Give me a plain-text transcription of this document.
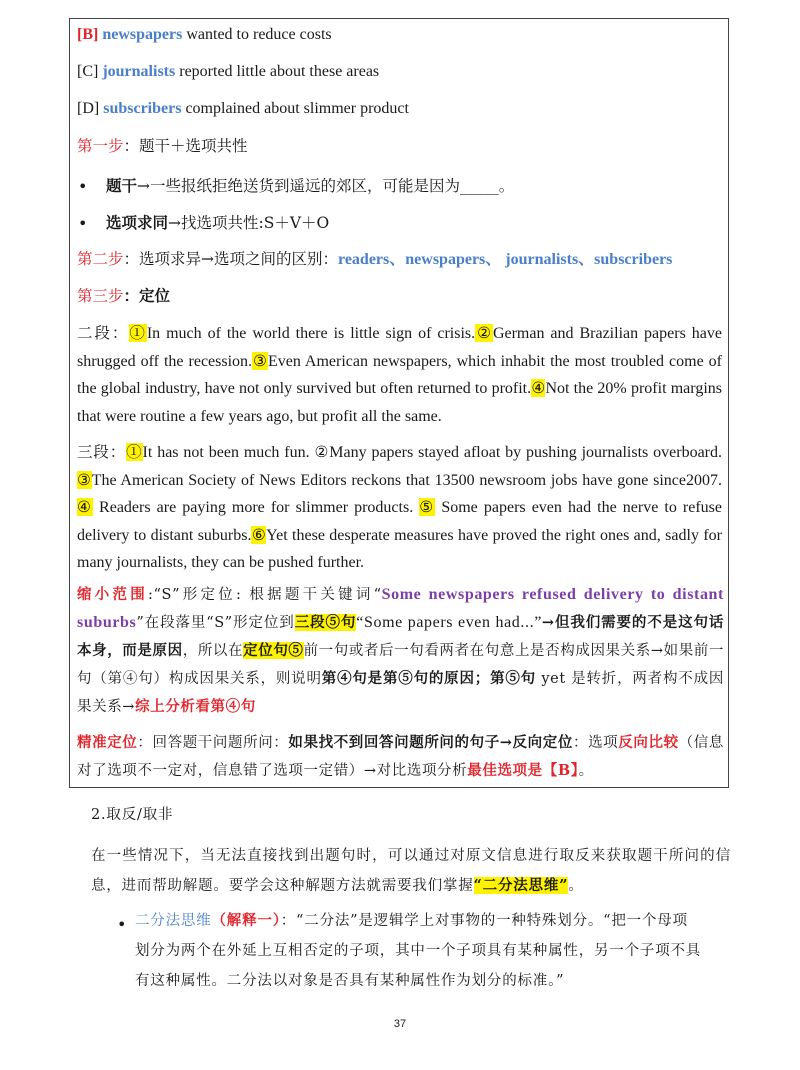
[B] newspapers wanted to reduce costs
[C] journalists reported little about these areas
[D] subscribers complained about slimmer product
第一步：题干＋选项共性
• 题干→一些报纸拒绝送货到遥远的郊区，可能是因为_____。
• 选项求同→找选项共性:S＋V＋O
第二步：选项求异→选项之间的区别：readers、newspapers、 journalists、subscribers
第三步：定位
二段：①In much of the world there is little sign of crisis.②German and Brazilian papers have shrugged off the recession.③Even American newspapers, which inhabit the most troubled come of the global industry, have not only survived but often returned to profit.④Not the 20% profit margins that were routine a few years ago, but profit all the same.
三段：①It has not been much fun. ②Many papers stayed afloat by pushing journalists overboard. ③The American Society of News Editors reckons that 13500 newsroom jobs have gone since2007. ④ Readers are paying more for slimmer products. ⑤ Some papers even had the nerve to refuse delivery to distant suburbs.⑥Yet these desperate measures have proved the right ones and, sadly for many journalists, they can be pushed further.
缩小范围:“S”形定位: 根据题干关键词“Some newspapers refused delivery to distant suburbs”在段落里“S”形定位到三段⑤句“Some papers even had...”→但我们需要的不是这句话本身，而是原因，所以在定位句⑤前一句或者后一句看两者在句意上是否构成因果关系→如果前一句（第④句）构成因果关系，则说明第④句是第⑤句的原因；第⑤句 yet 是转折，两者构不成因果关系→综上分析看第④句
精准定位：回答题干问题所问：如果找不到回答问题所问的句子→反向定位：选项反向比较（信息对了选项不一定对，信息错了选项一定错）→对比选项分析最佳选项是【B】。
2.取反/取非
在一些情况下，当无法直接找到出题句时，可以通过对原文信息进行取反来获取题干所问的信息，进而帮助解题。要学会这种解题方法就需要我们掌握“二分法思维”。
• 二分法思维（解释一）：“二分法”是逻辑学上对事物的一种特殊划分。“把一个母项
划分为两个在外延上互相否定的子项，其中一个子项具有某种属性，另一个子项不具
有这种属性。二分法以对象是否具有某种属性作为划分的标准。”
37
